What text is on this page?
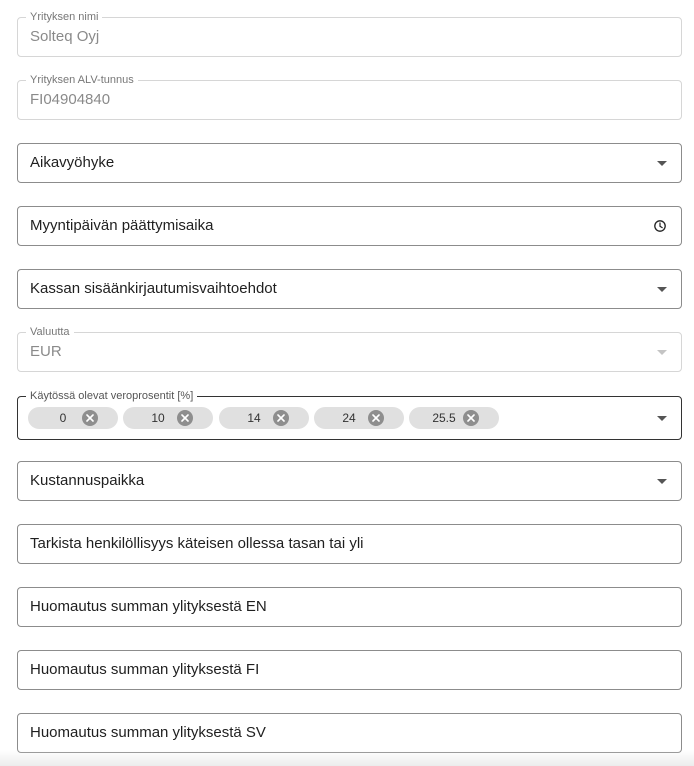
Yrityksen nimi
Solteq Oyj
Yrityksen ALV-tunnus
FI04904840
Aikavyöhyke
Myyntipäivän päättymisaika
Kassan sisäänkirjautumisvaihtoehdot
Valuutta
EUR
Käytössä olevat veroprosentit [%]
0	10	14	24	25.5
Kustannuspaikka
Tarkista henkilöllisyys käteisen ollessa tasan tai yli
Huomautus summan ylityksestä EN
Huomautus summan ylityksestä FI
Huomautus summan ylityksestä SV
